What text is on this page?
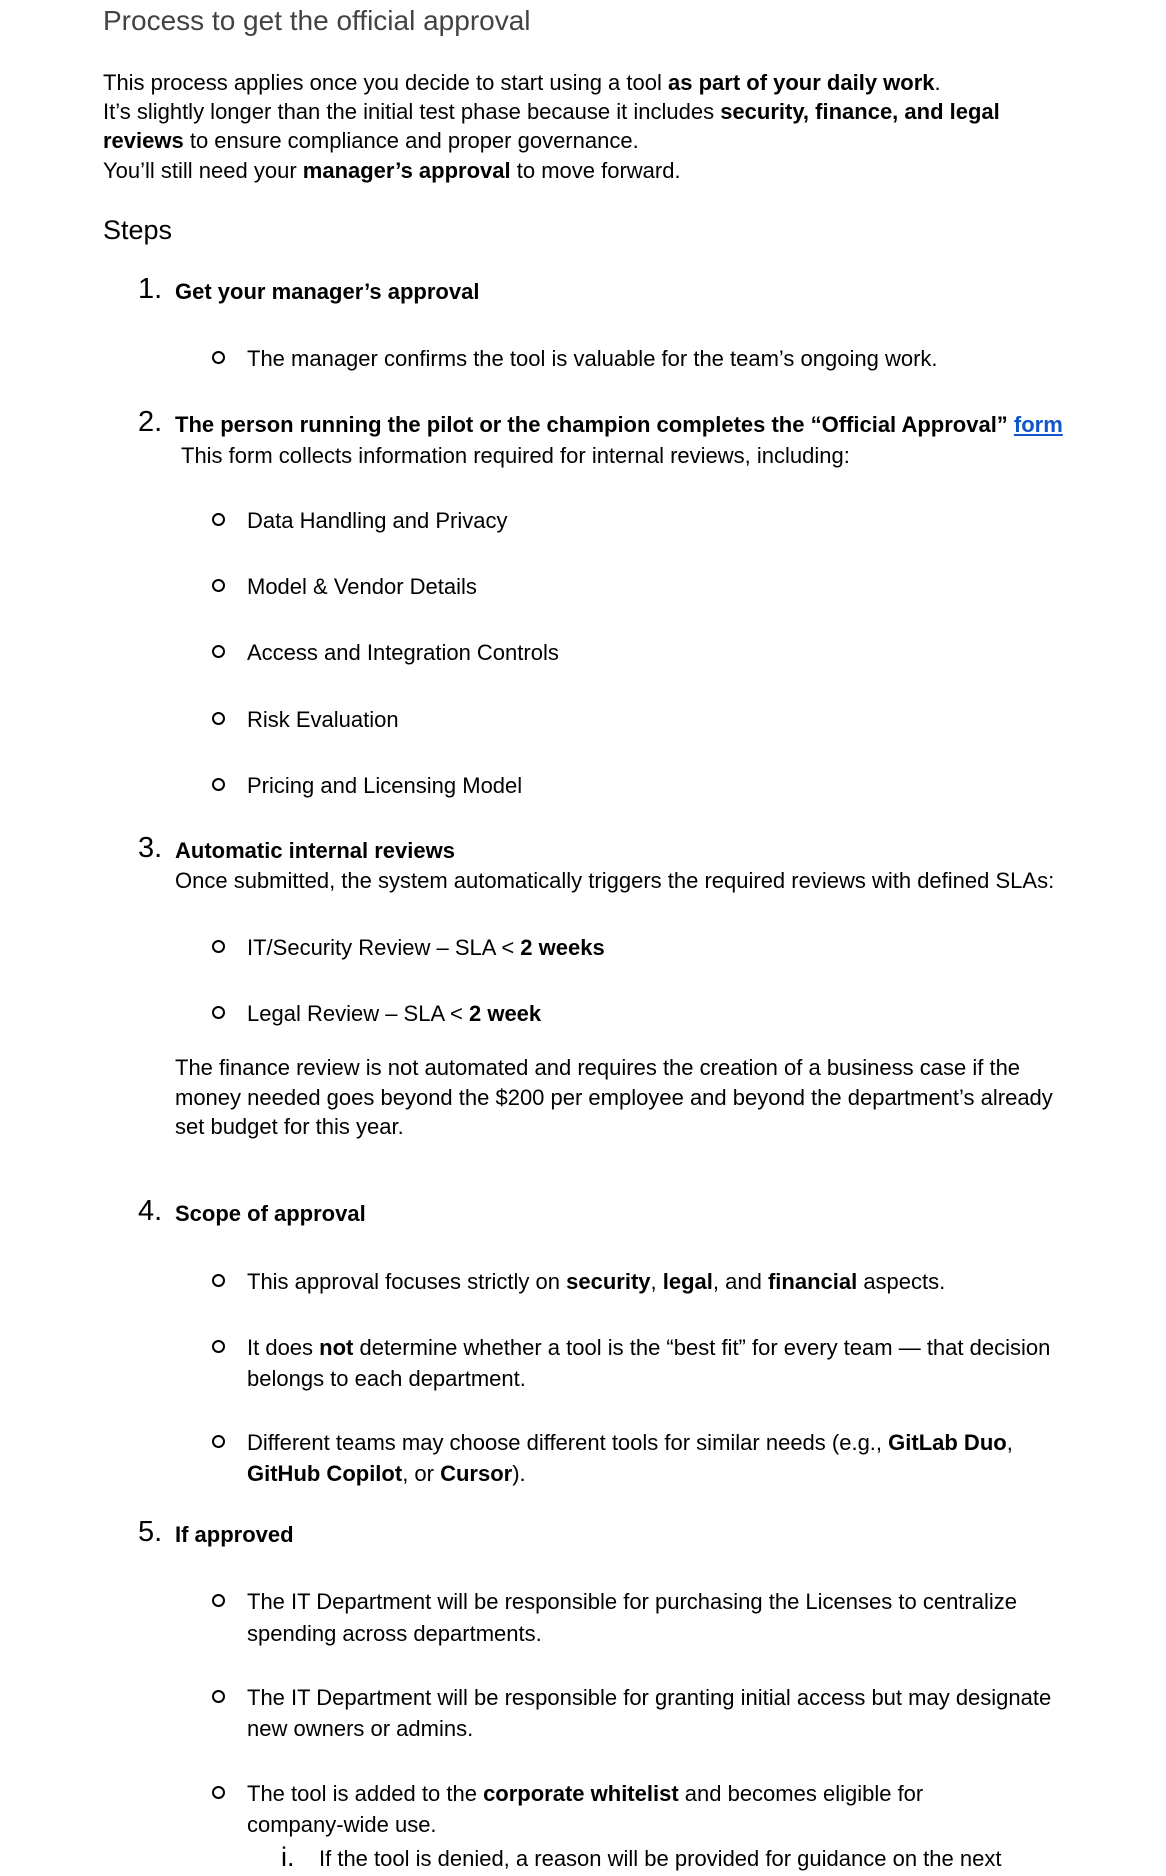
Process to get the official approval
This process applies once you decide to start using a tool as part of your daily work.
It’s slightly longer than the initial test phase because it includes security, finance, and legal
reviews to ensure compliance and proper governance.
You’ll still need your manager’s approval to move forward.
Steps
1. Get your manager’s approval
The manager confirms the tool is valuable for the team’s ongoing work.
2. The person running the pilot or the champion completes the “Official Approval” form
This form collects information required for internal reviews, including:
Data Handling and Privacy
Model & Vendor Details
Access and Integration Controls
Risk Evaluation
Pricing and Licensing Model
3. Automatic internal reviews
Once submitted, the system automatically triggers the required reviews with defined SLAs:
IT/Security Review – SLA < 2 weeks
Legal Review – SLA < 2 week
The finance review is not automated and requires the creation of a business case if the
money needed goes beyond the $200 per employee and beyond the department’s already
set budget for this year.
4. Scope of approval
This approval focuses strictly on security, legal, and financial aspects.
It does not determine whether a tool is the “best fit” for every team — that decision
belongs to each department.
Different teams may choose different tools for similar needs (e.g., GitLab Duo,
GitHub Copilot, or Cursor).
5. If approved
The IT Department will be responsible for purchasing the Licenses to centralize
spending across departments.
The IT Department will be responsible for granting initial access but may designate
new owners or admins.
The tool is added to the corporate whitelist and becomes eligible for
company-wide use.
i. If the tool is denied, a reason will be provided for guidance on the next
